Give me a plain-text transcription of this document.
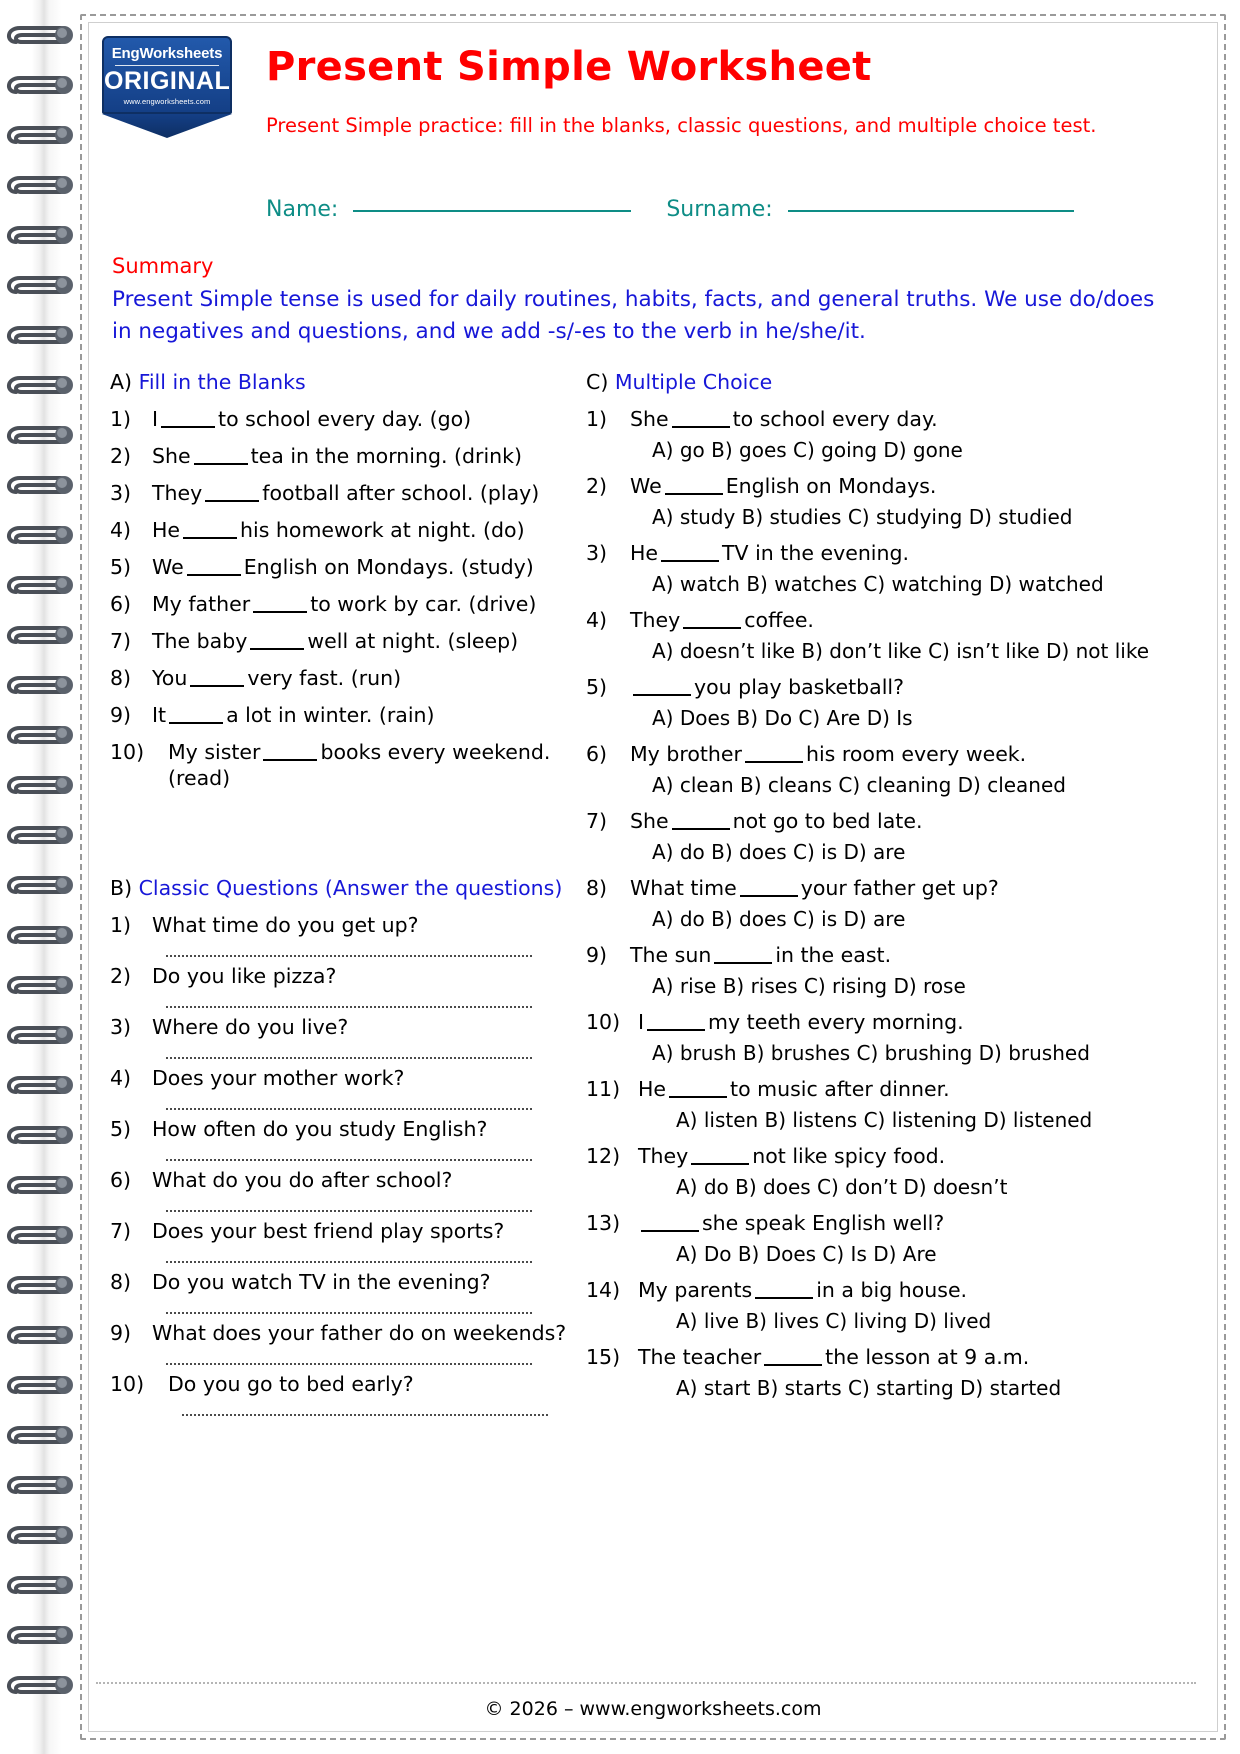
EngWorksheets
ORIGINAL
www.engworksheets.com
Present Simple Worksheet
Present Simple practice: fill in the blanks, classic questions, and multiple choice test.
Name:	Surname:
Summary
Present Simple tense is used for daily routines, habits, facts, and general truths. We use do/does in negatives and questions, and we add -s/-es to the verb in he/she/it.
A) Fill in the Blanks
1)	I	to school every day. (go)
2)	She	tea in the morning. (drink)
3)	They	football after school. (play)
4)	He	his homework at night. (do)
5)	We	English on Mondays. (study)
6)	My father	to work by car. (drive)
7)	The baby	well at night. (sleep)
8)	You	very fast. (run)
9)	It	a lot in winter. (rain)
10)	My sister	books every weekend. (read)
B) Classic Questions (Answer the questions)
1)	What time do you get up?
2)	Do you like pizza?
3)	Where do you live?
4)	Does your mother work?
5)	How often do you study English?
6)	What do you do after school?
7)	Does your best friend play sports?
8)	Do you watch TV in the evening?
9)	What does your father do on weekends?
10)	Do you go to bed early?
C) Multiple Choice
1)	She	to school every day.
A) go B) goes C) going D) gone
2)	We	English on Mondays.
A) study B) studies C) studying D) studied
3)	He	TV in the evening.
A) watch B) watches C) watching D) watched
4)	They	coffee.
A) doesn’t like B) don’t like C) isn’t like D) not like
5)	you play basketball?
A) Does B) Do C) Are D) Is
6)	My brother	his room every week.
A) clean B) cleans C) cleaning D) cleaned
7)	She	not go to bed late.
A) do B) does C) is D) are
8)	What time	your father get up?
A) do B) does C) is D) are
9)	The sun	in the east.
A) rise B) rises C) rising D) rose
10) I	my teeth every morning.
A) brush B) brushes C) brushing D) brushed
11) He	to music after dinner.
A) listen B) listens C) listening D) listened
12) They	not like spicy food.
A) do B) does C) don’t D) doesn’t
13)	she speak English well?
A) Do B) Does C) Is D) Are
14) My parents	in a big house.
A) live B) lives C) living D) lived
15) The teacher	the lesson at 9 a.m.
A) start B) starts C) starting D) started
© 2026 – www.engworksheets.com
